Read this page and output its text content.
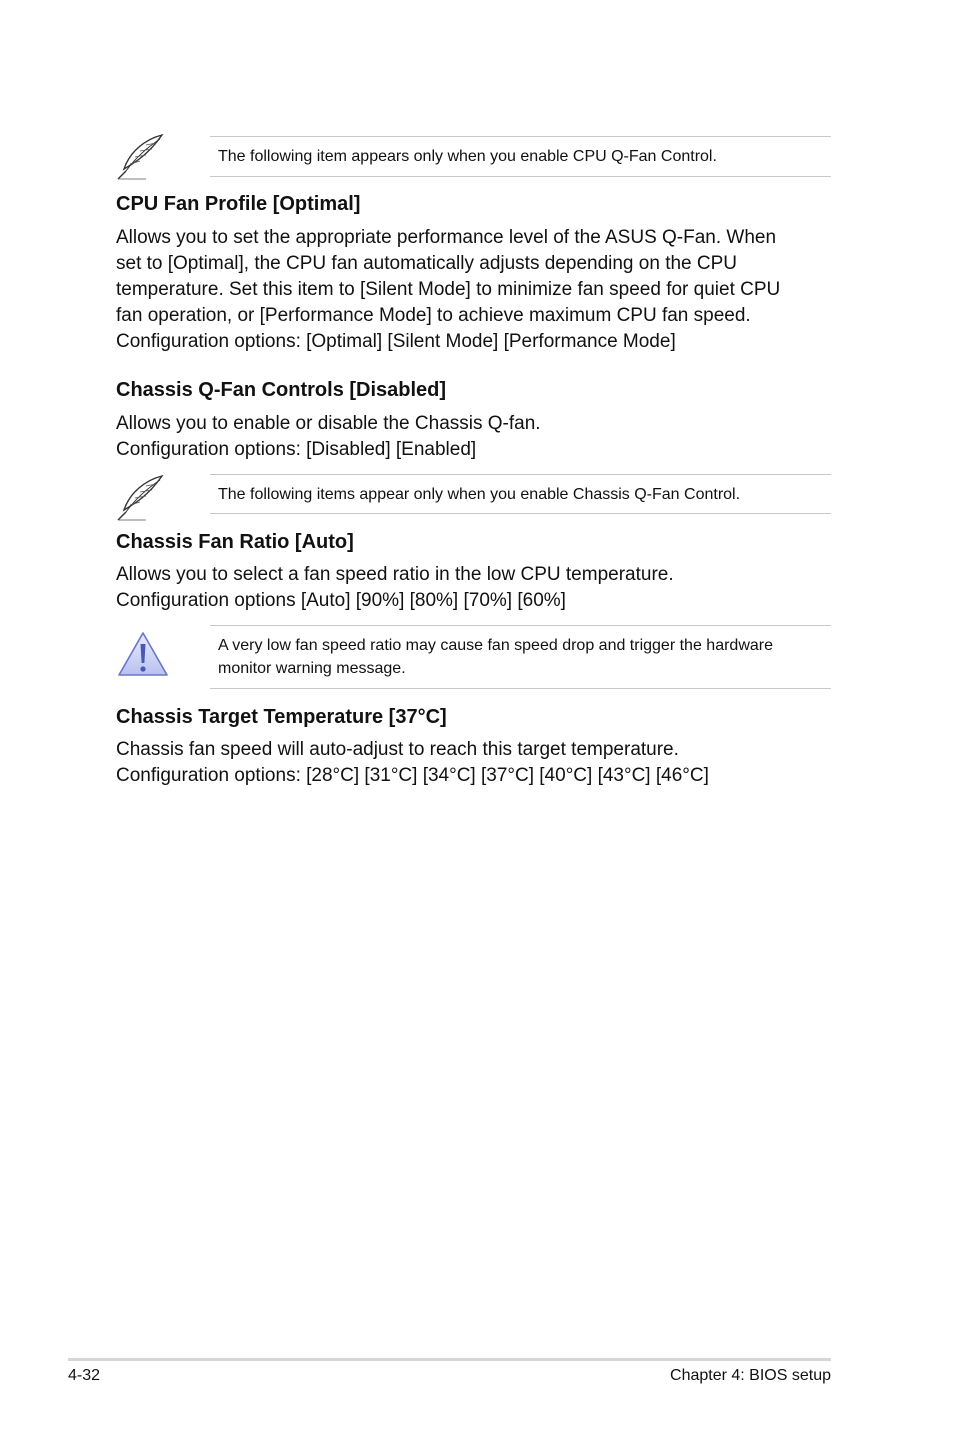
The following item appears only when you enable CPU Q-Fan Control.
CPU Fan Profile [Optimal]

Allows you to set the appropriate performance level of the ASUS Q-Fan. When set to [Optimal], the CPU fan automatically adjusts depending on the CPU temperature. Set this item to [Silent Mode] to minimize fan speed for quiet CPU fan operation, or [Performance Mode] to achieve maximum CPU fan speed.

Configuration options: [Optimal] [Silent Mode] [Performance Mode]

Chassis Q-Fan Controls [Disabled]

Allows you to enable or disable the Chassis Q-fan.

Configuration options: [Disabled] [Enabled]

The following items appear only when you enable Chassis Q-Fan Control.
Chassis Fan Ratio [Auto]

Allows you to select a fan speed ratio in the low CPU temperature.

Configuration options [Auto] [90%] [80%] [70%] [60%]

A very low fan speed ratio may cause fan speed drop and trigger the hardware monitor warning message.
Chassis Target Temperature [37°C]

Chassis fan speed will auto-adjust to reach this target temperature.

Configuration options: [28°C] [31°C] [34°C] [37°C] [40°C] [43°C] [46°C]

4-32	Chapter 4: BIOS setup
